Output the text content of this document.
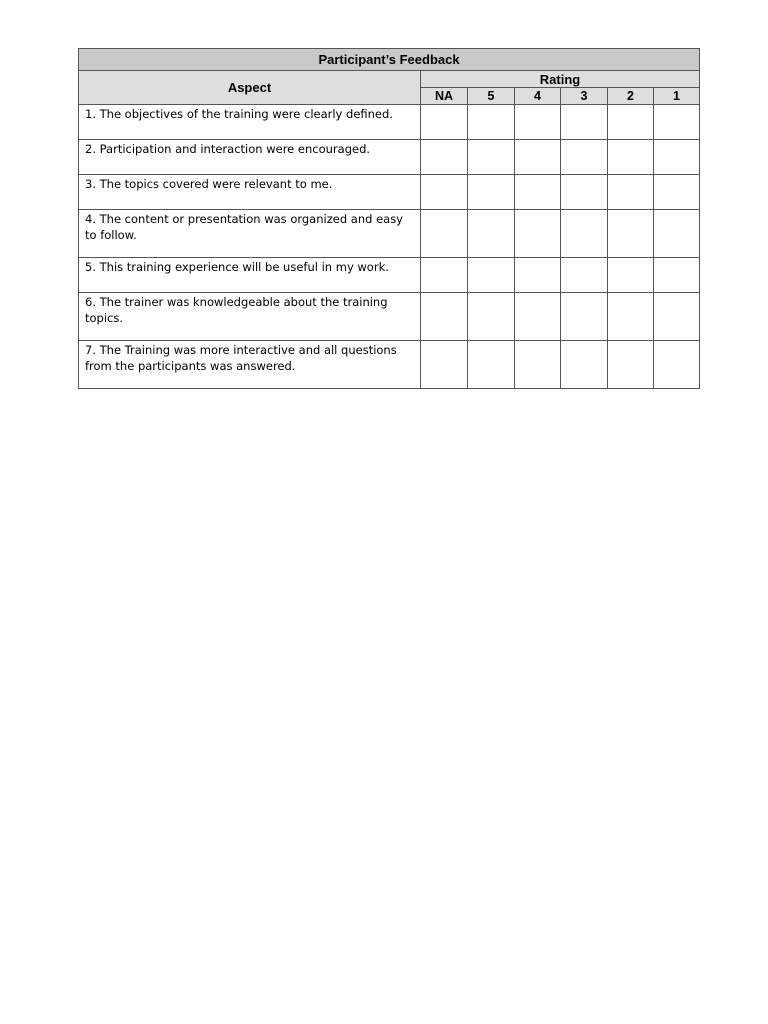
Participant’s Feedback						
Aspect	Rating					
	NA	5	4	3	2	1
1. The objectives of the training were clearly defined.						
2. Participation and interaction were encouraged.						
3. The topics covered were relevant to me.						
4. The content or presentation was organized and easy to follow.						
5. This training experience will be useful in my work.						
6. The trainer was knowledgeable about the training topics.						
7. The Training was more interactive and all questions from the participants was answered.						
